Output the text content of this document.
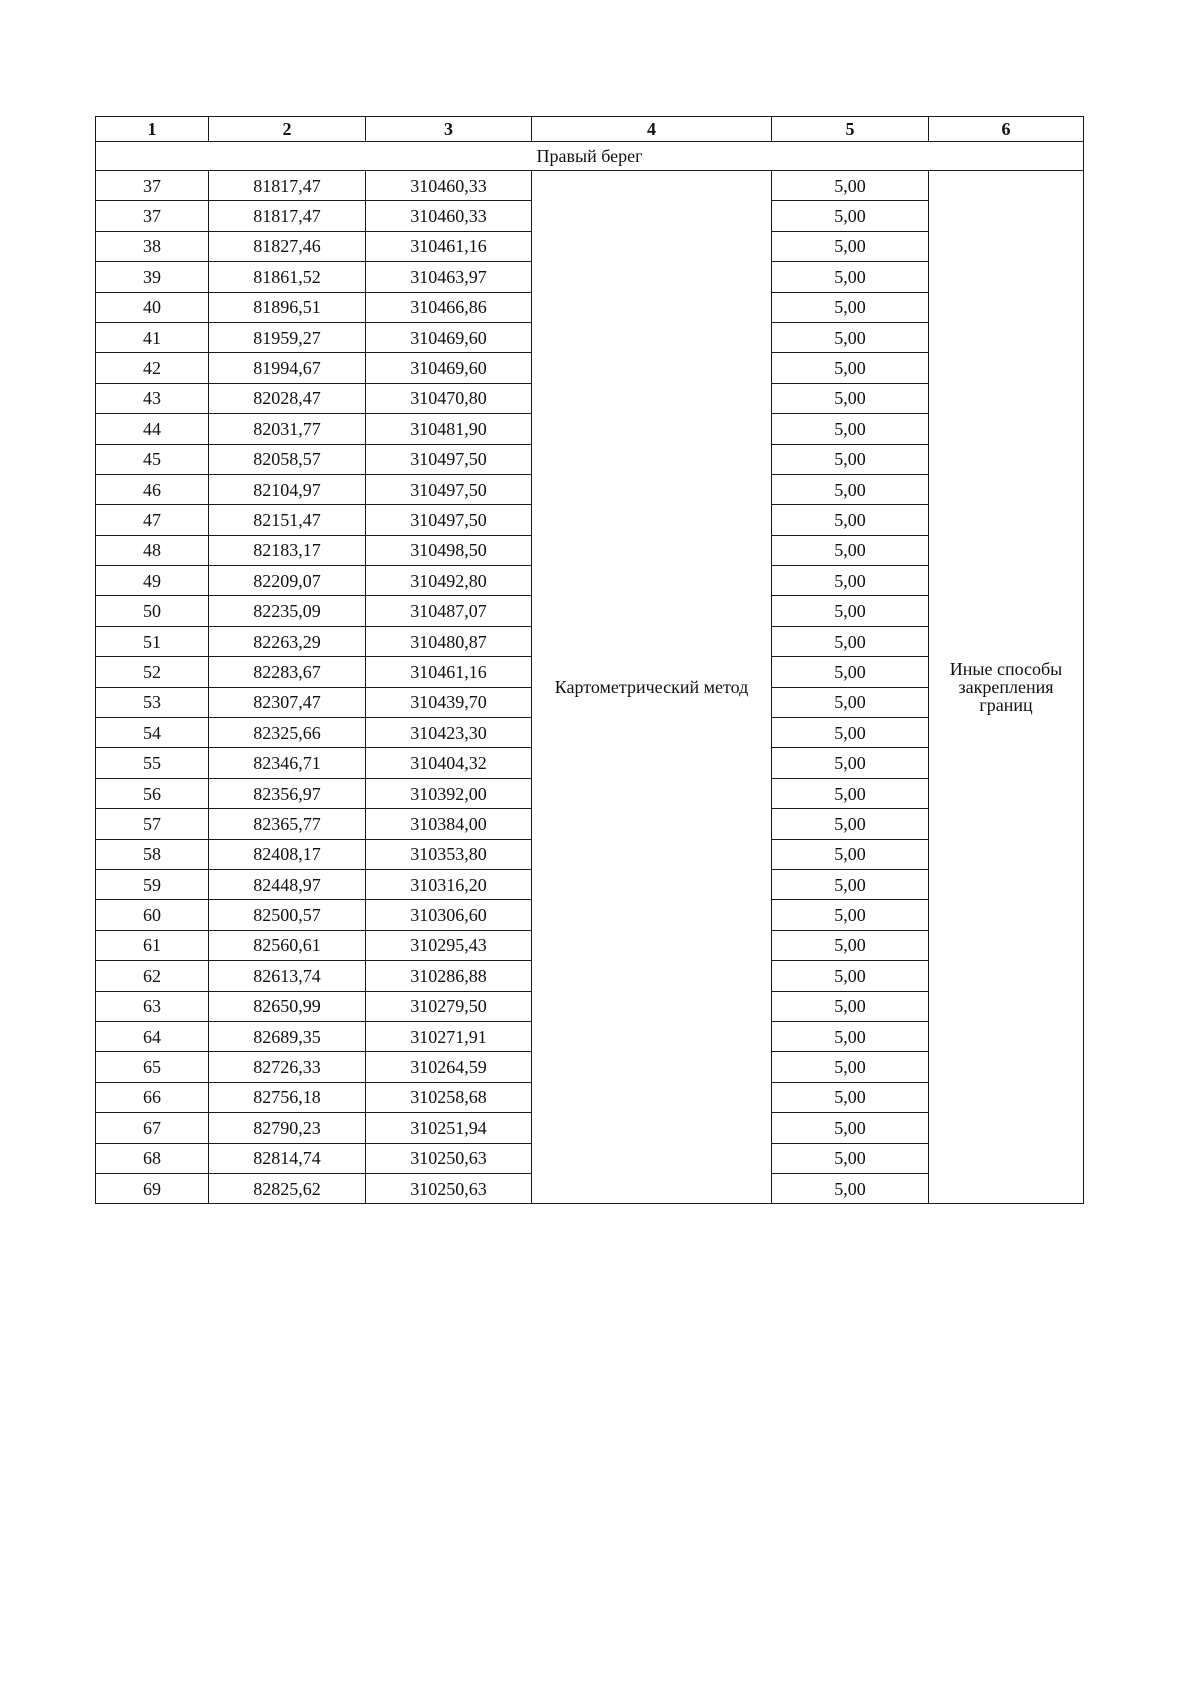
1	2	3	4	5	6
Правый берег					
37	81817,47	310460,33	Картометрический метод	5,00	Иные способы
закрепления
границ

37	81817,47	310460,33		5,00	
38	81827,46	310461,16		5,00	
39	81861,52	310463,97		5,00	
40	81896,51	310466,86		5,00	
41	81959,27	310469,60		5,00	
42	81994,67	310469,60		5,00	
43	82028,47	310470,80		5,00	
44	82031,77	310481,90		5,00	
45	82058,57	310497,50		5,00	
46	82104,97	310497,50		5,00	
47	82151,47	310497,50		5,00	
48	82183,17	310498,50		5,00	
49	82209,07	310492,80		5,00	
50	82235,09	310487,07		5,00	
51	82263,29	310480,87		5,00	
52	82283,67	310461,16		5,00	
53	82307,47	310439,70		5,00	
54	82325,66	310423,30		5,00	
55	82346,71	310404,32		5,00	
56	82356,97	310392,00		5,00	
57	82365,77	310384,00		5,00	
58	82408,17	310353,80		5,00	
59	82448,97	310316,20		5,00	
60	82500,57	310306,60		5,00	
61	82560,61	310295,43		5,00	
62	82613,74	310286,88		5,00	
63	82650,99	310279,50		5,00	
64	82689,35	310271,91		5,00	
65	82726,33	310264,59		5,00	
66	82756,18	310258,68		5,00	
67	82790,23	310251,94		5,00	
68	82814,74	310250,63		5,00	
69	82825,62	310250,63		5,00	
